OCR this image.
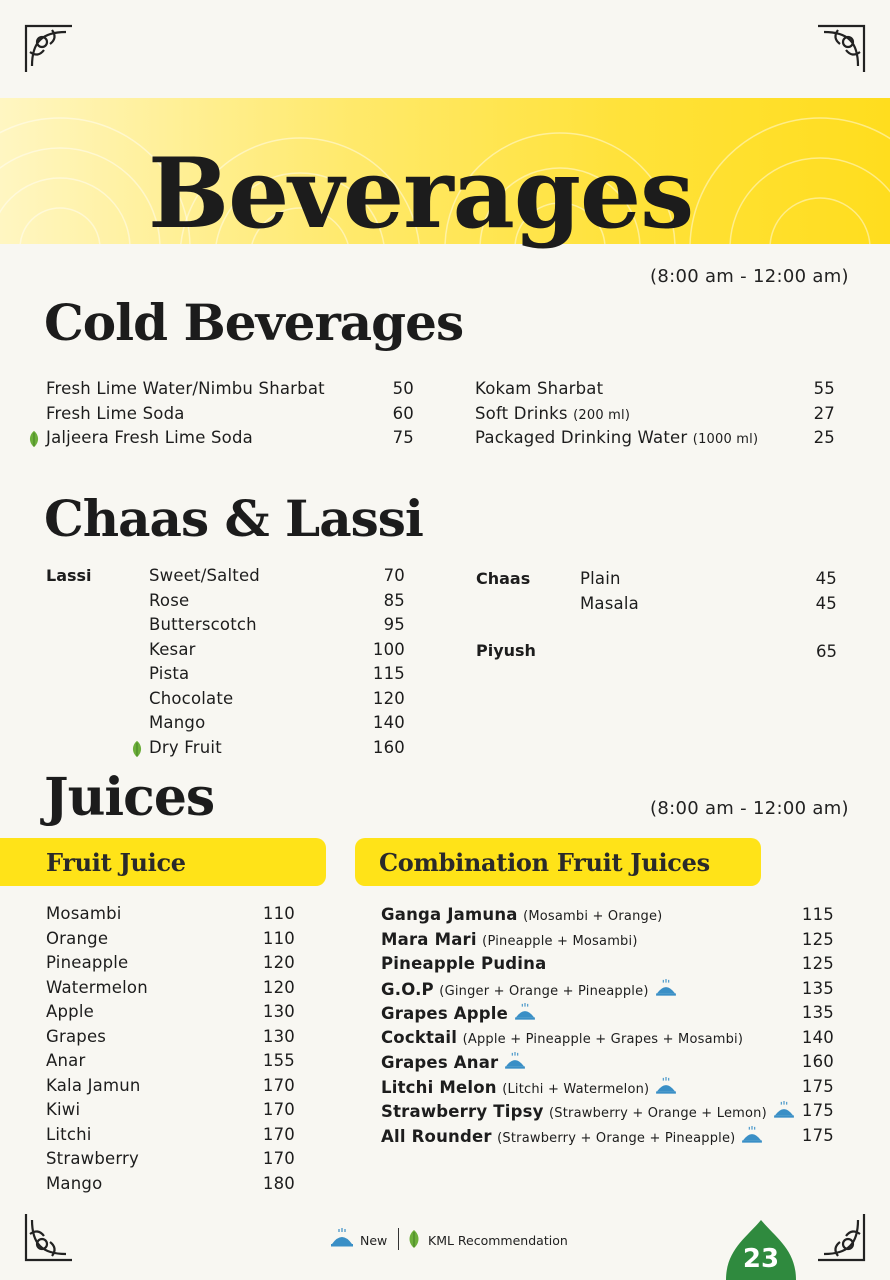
Beverages
(8:00 am - 12:00 am)
Cold Beverages
Fresh Lime Water/Nimbu Sharbat	50
Fresh Lime Soda	60
Jaljeera Fresh Lime Soda	75
Kokam Sharbat	55
Soft Drinks (200 ml)	27
Packaged Drinking Water (1000 ml)	25
Chaas & Lassi
Lassi	Sweet/Salted	70
Rose	85
Butterscotch	95
Kesar	100
Pista	115
Chocolate	120
Mango	140
Dry Fruit	160
Chaas	Plain	45
Masala	45
Piyush	65
Juices	(8:00 am - 12:00 am)
Fruit Juice	Combination Fruit Juices
Mosambi	110
Orange	110
Pineapple	120
Watermelon	120
Apple	130
Grapes	130
Anar	155
Kala Jamun	170
Kiwi	170
Litchi	170
Strawberry	170
Mango	180
Ganga Jamuna (Mosambi + Orange)	115
Mara Mari (Pineapple + Mosambi)	125
Pineapple Pudina	125
G.O.P (Ginger + Orange + Pineapple)	135
Grapes Apple	135
Cocktail (Apple + Pineapple + Grapes + Mosambi)	140
Grapes Anar	160
Litchi Melon (Litchi + Watermelon)	175
Strawberry Tipsy (Strawberry + Orange + Lemon)	175
All Rounder (Strawberry + Orange + Pineapple)	175
New	KML Recommendation
23
